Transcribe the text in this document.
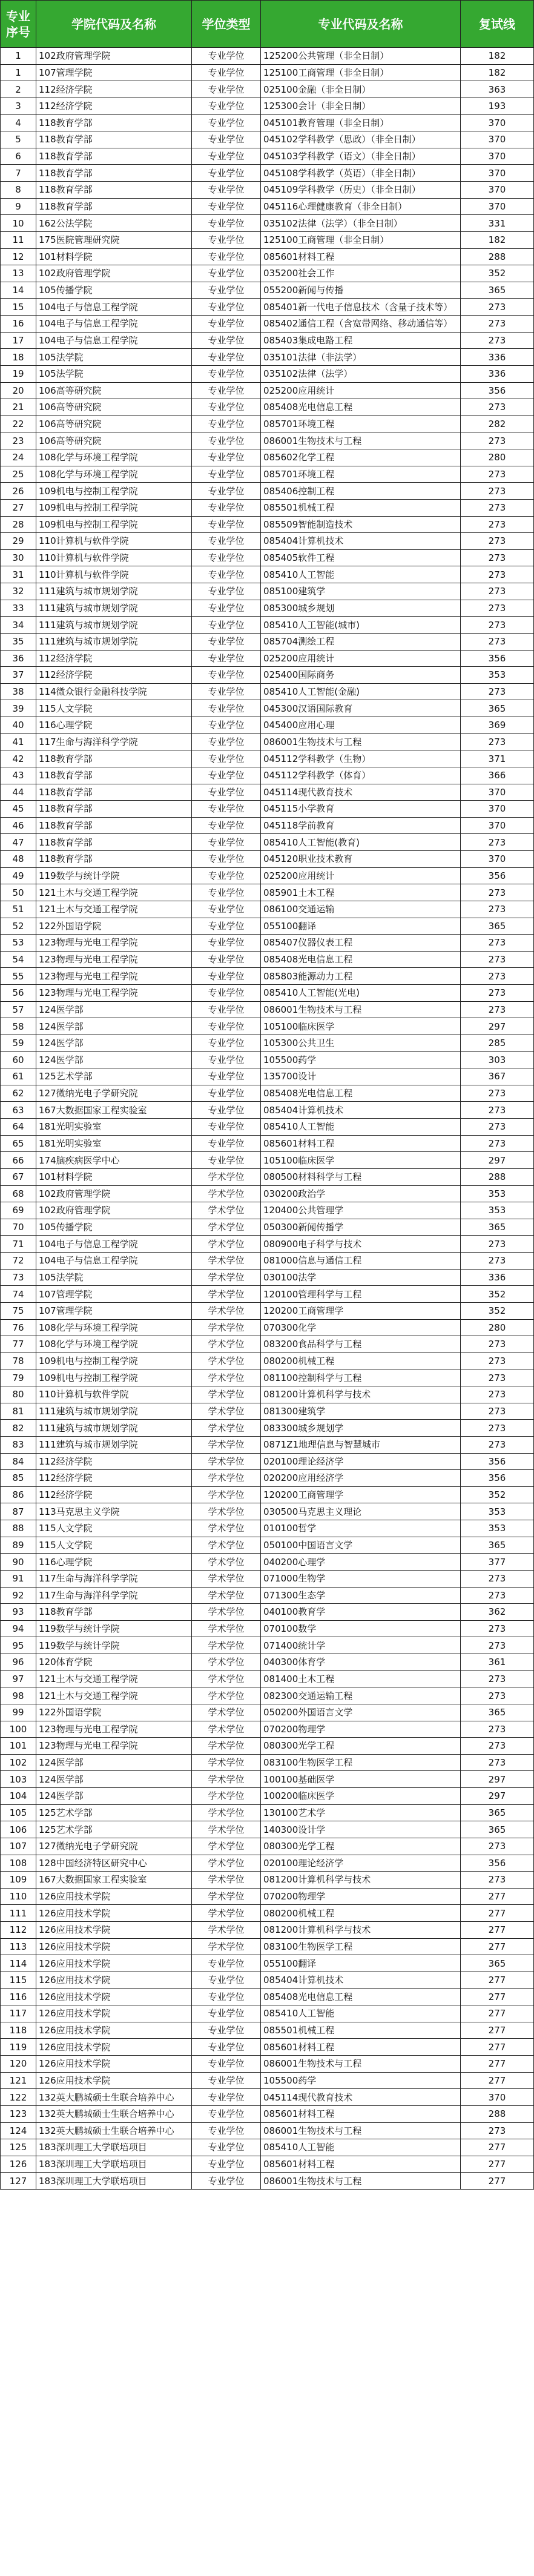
专业序号	学院代码及名称	学位类型	专业代码及名称	复试线
1	102政府管理学院	专业学位	125200公共管理（非全日制）	182
1	107管理学院	专业学位	125100工商管理（非全日制）	182
2	112经济学院	专业学位	025100金融（非全日制）	363
3	112经济学院	专业学位	125300会计（非全日制）	193
4	118教育学部	专业学位	045101教育管理（非全日制）	370
5	118教育学部	专业学位	045102学科教学（思政）（非全日制）	370
6	118教育学部	专业学位	045103学科教学（语文）（非全日制）	370
7	118教育学部	专业学位	045108学科教学（英语）（非全日制）	370
8	118教育学部	专业学位	045109学科教学（历史）（非全日制）	370
9	118教育学部	专业学位	045116心理健康教育（非全日制）	370
10	162公法学院	专业学位	035102法律（法学）（非全日制）	331
11	175医院管理研究院	专业学位	125100工商管理（非全日制）	182
12	101材料学院	专业学位	085601材料工程	288
13	102政府管理学院	专业学位	035200社会工作	352
14	105传播学院	专业学位	055200新闻与传播	365
15	104电子与信息工程学院	专业学位	085401新一代电子信息技术（含量子技术等）	273
16	104电子与信息工程学院	专业学位	085402通信工程（含宽带网络、移动通信等）	273
17	104电子与信息工程学院	专业学位	085403集成电路工程	273
18	105法学院	专业学位	035101法律（非法学）	336
19	105法学院	专业学位	035102法律（法学）	336
20	106高等研究院	专业学位	025200应用统计	356
21	106高等研究院	专业学位	085408光电信息工程	273
22	106高等研究院	专业学位	085701环境工程	282
23	106高等研究院	专业学位	086001生物技术与工程	273
24	108化学与环境工程学院	专业学位	085602化学工程	280
25	108化学与环境工程学院	专业学位	085701环境工程	273
26	109机电与控制工程学院	专业学位	085406控制工程	273
27	109机电与控制工程学院	专业学位	085501机械工程	273
28	109机电与控制工程学院	专业学位	085509智能制造技术	273
29	110计算机与软件学院	专业学位	085404计算机技术	273
30	110计算机与软件学院	专业学位	085405软件工程	273
31	110计算机与软件学院	专业学位	085410人工智能	273
32	111建筑与城市规划学院	专业学位	085100建筑学	273
33	111建筑与城市规划学院	专业学位	085300城乡规划	273
34	111建筑与城市规划学院	专业学位	085410人工智能(城市)	273
35	111建筑与城市规划学院	专业学位	085704测绘工程	273
36	112经济学院	专业学位	025200应用统计	356
37	112经济学院	专业学位	025400国际商务	353
38	114微众银行金融科技学院	专业学位	085410人工智能(金融)	273
39	115人文学院	专业学位	045300汉语国际教育	365
40	116心理学院	专业学位	045400应用心理	369
41	117生命与海洋科学学院	专业学位	086001生物技术与工程	273
42	118教育学部	专业学位	045112学科教学（生物）	371
43	118教育学部	专业学位	045112学科教学（体育）	366
44	118教育学部	专业学位	045114现代教育技术	370
45	118教育学部	专业学位	045115小学教育	370
46	118教育学部	专业学位	045118学前教育	370
47	118教育学部	专业学位	085410人工智能(教育)	273
48	118教育学部	专业学位	045120职业技术教育	370
49	119数学与统计学院	专业学位	025200应用统计	356
50	121土木与交通工程学院	专业学位	085901土木工程	273
51	121土木与交通工程学院	专业学位	086100交通运输	273
52	122外国语学院	专业学位	055100翻译	365
53	123物理与光电工程学院	专业学位	085407仪器仪表工程	273
54	123物理与光电工程学院	专业学位	085408光电信息工程	273
55	123物理与光电工程学院	专业学位	085803能源动力工程	273
56	123物理与光电工程学院	专业学位	085410人工智能(光电)	273
57	124医学部	专业学位	086001生物技术与工程	273
58	124医学部	专业学位	105100临床医学	297
59	124医学部	专业学位	105300公共卫生	285
60	124医学部	专业学位	105500药学	303
61	125艺术学部	专业学位	135700设计	367
62	127微纳光电子学研究院	专业学位	085408光电信息工程	273
63	167大数据国家工程实验室	专业学位	085404计算机技术	273
64	181光明实验室	专业学位	085410人工智能	273
65	181光明实验室	专业学位	085601材料工程	273
66	174脑疾病医学中心	专业学位	105100临床医学	297
67	101材料学院	学术学位	080500材料科学与工程	288
68	102政府管理学院	学术学位	030200政治学	353
69	102政府管理学院	学术学位	120400公共管理学	353
70	105传播学院	学术学位	050300新闻传播学	365
71	104电子与信息工程学院	学术学位	080900电子科学与技术	273
72	104电子与信息工程学院	学术学位	081000信息与通信工程	273
73	105法学院	学术学位	030100法学	336
74	107管理学院	学术学位	120100管理科学与工程	352
75	107管理学院	学术学位	120200工商管理学	352
76	108化学与环境工程学院	学术学位	070300化学	280
77	108化学与环境工程学院	学术学位	083200食品科学与工程	273
78	109机电与控制工程学院	学术学位	080200机械工程	273
79	109机电与控制工程学院	学术学位	081100控制科学与工程	273
80	110计算机与软件学院	学术学位	081200计算机科学与技术	273
81	111建筑与城市规划学院	学术学位	081300建筑学	273
82	111建筑与城市规划学院	学术学位	083300城乡规划学	273
83	111建筑与城市规划学院	学术学位	0871Z1地理信息与智慧城市	273
84	112经济学院	学术学位	020100理论经济学	356
85	112经济学院	学术学位	020200应用经济学	356
86	112经济学院	学术学位	120200工商管理学	352
87	113马克思主义学院	学术学位	030500马克思主义理论	353
88	115人文学院	学术学位	010100哲学	353
89	115人文学院	学术学位	050100中国语言文学	365
90	116心理学院	学术学位	040200心理学	377
91	117生命与海洋科学学院	学术学位	071000生物学	273
92	117生命与海洋科学学院	学术学位	071300生态学	273
93	118教育学部	学术学位	040100教育学	362
94	119数学与统计学院	学术学位	070100数学	273
95	119数学与统计学院	学术学位	071400统计学	273
96	120体育学院	学术学位	040300体育学	361
97	121土木与交通工程学院	学术学位	081400土木工程	273
98	121土木与交通工程学院	学术学位	082300交通运输工程	273
99	122外国语学院	学术学位	050200外国语言文学	365
100	123物理与光电工程学院	学术学位	070200物理学	273
101	123物理与光电工程学院	学术学位	080300光学工程	273
102	124医学部	学术学位	083100生物医学工程	273
103	124医学部	学术学位	100100基础医学	297
104	124医学部	学术学位	100200临床医学	297
105	125艺术学部	学术学位	130100艺术学	365
106	125艺术学部	学术学位	140300设计学	365
107	127微纳光电子学研究院	学术学位	080300光学工程	273
108	128中国经济特区研究中心	学术学位	020100理论经济学	356
109	167大数据国家工程实验室	学术学位	081200计算机科学与技术	273
110	126应用技术学院	学术学位	070200物理学	277
111	126应用技术学院	学术学位	080200机械工程	277
112	126应用技术学院	学术学位	081200计算机科学与技术	277
113	126应用技术学院	学术学位	083100生物医学工程	277
114	126应用技术学院	专业学位	055100翻译	365
115	126应用技术学院	专业学位	085404计算机技术	277
116	126应用技术学院	专业学位	085408光电信息工程	277
117	126应用技术学院	专业学位	085410人工智能	277
118	126应用技术学院	专业学位	085501机械工程	277
119	126应用技术学院	专业学位	085601材料工程	277
120	126应用技术学院	专业学位	086001生物技术与工程	277
121	126应用技术学院	专业学位	105500药学	277
122	132英大鹏城硕士生联合培养中心	专业学位	045114现代教育技术	370
123	132英大鹏城硕士生联合培养中心	专业学位	085601材料工程	288
124	132英大鹏城硕士生联合培养中心	专业学位	086001生物技术与工程	273
125	183深圳理工大学联培项目	专业学位	085410人工智能	277
126	183深圳理工大学联培项目	专业学位	085601材料工程	277
127	183深圳理工大学联培项目	专业学位	086001生物技术与工程	277
